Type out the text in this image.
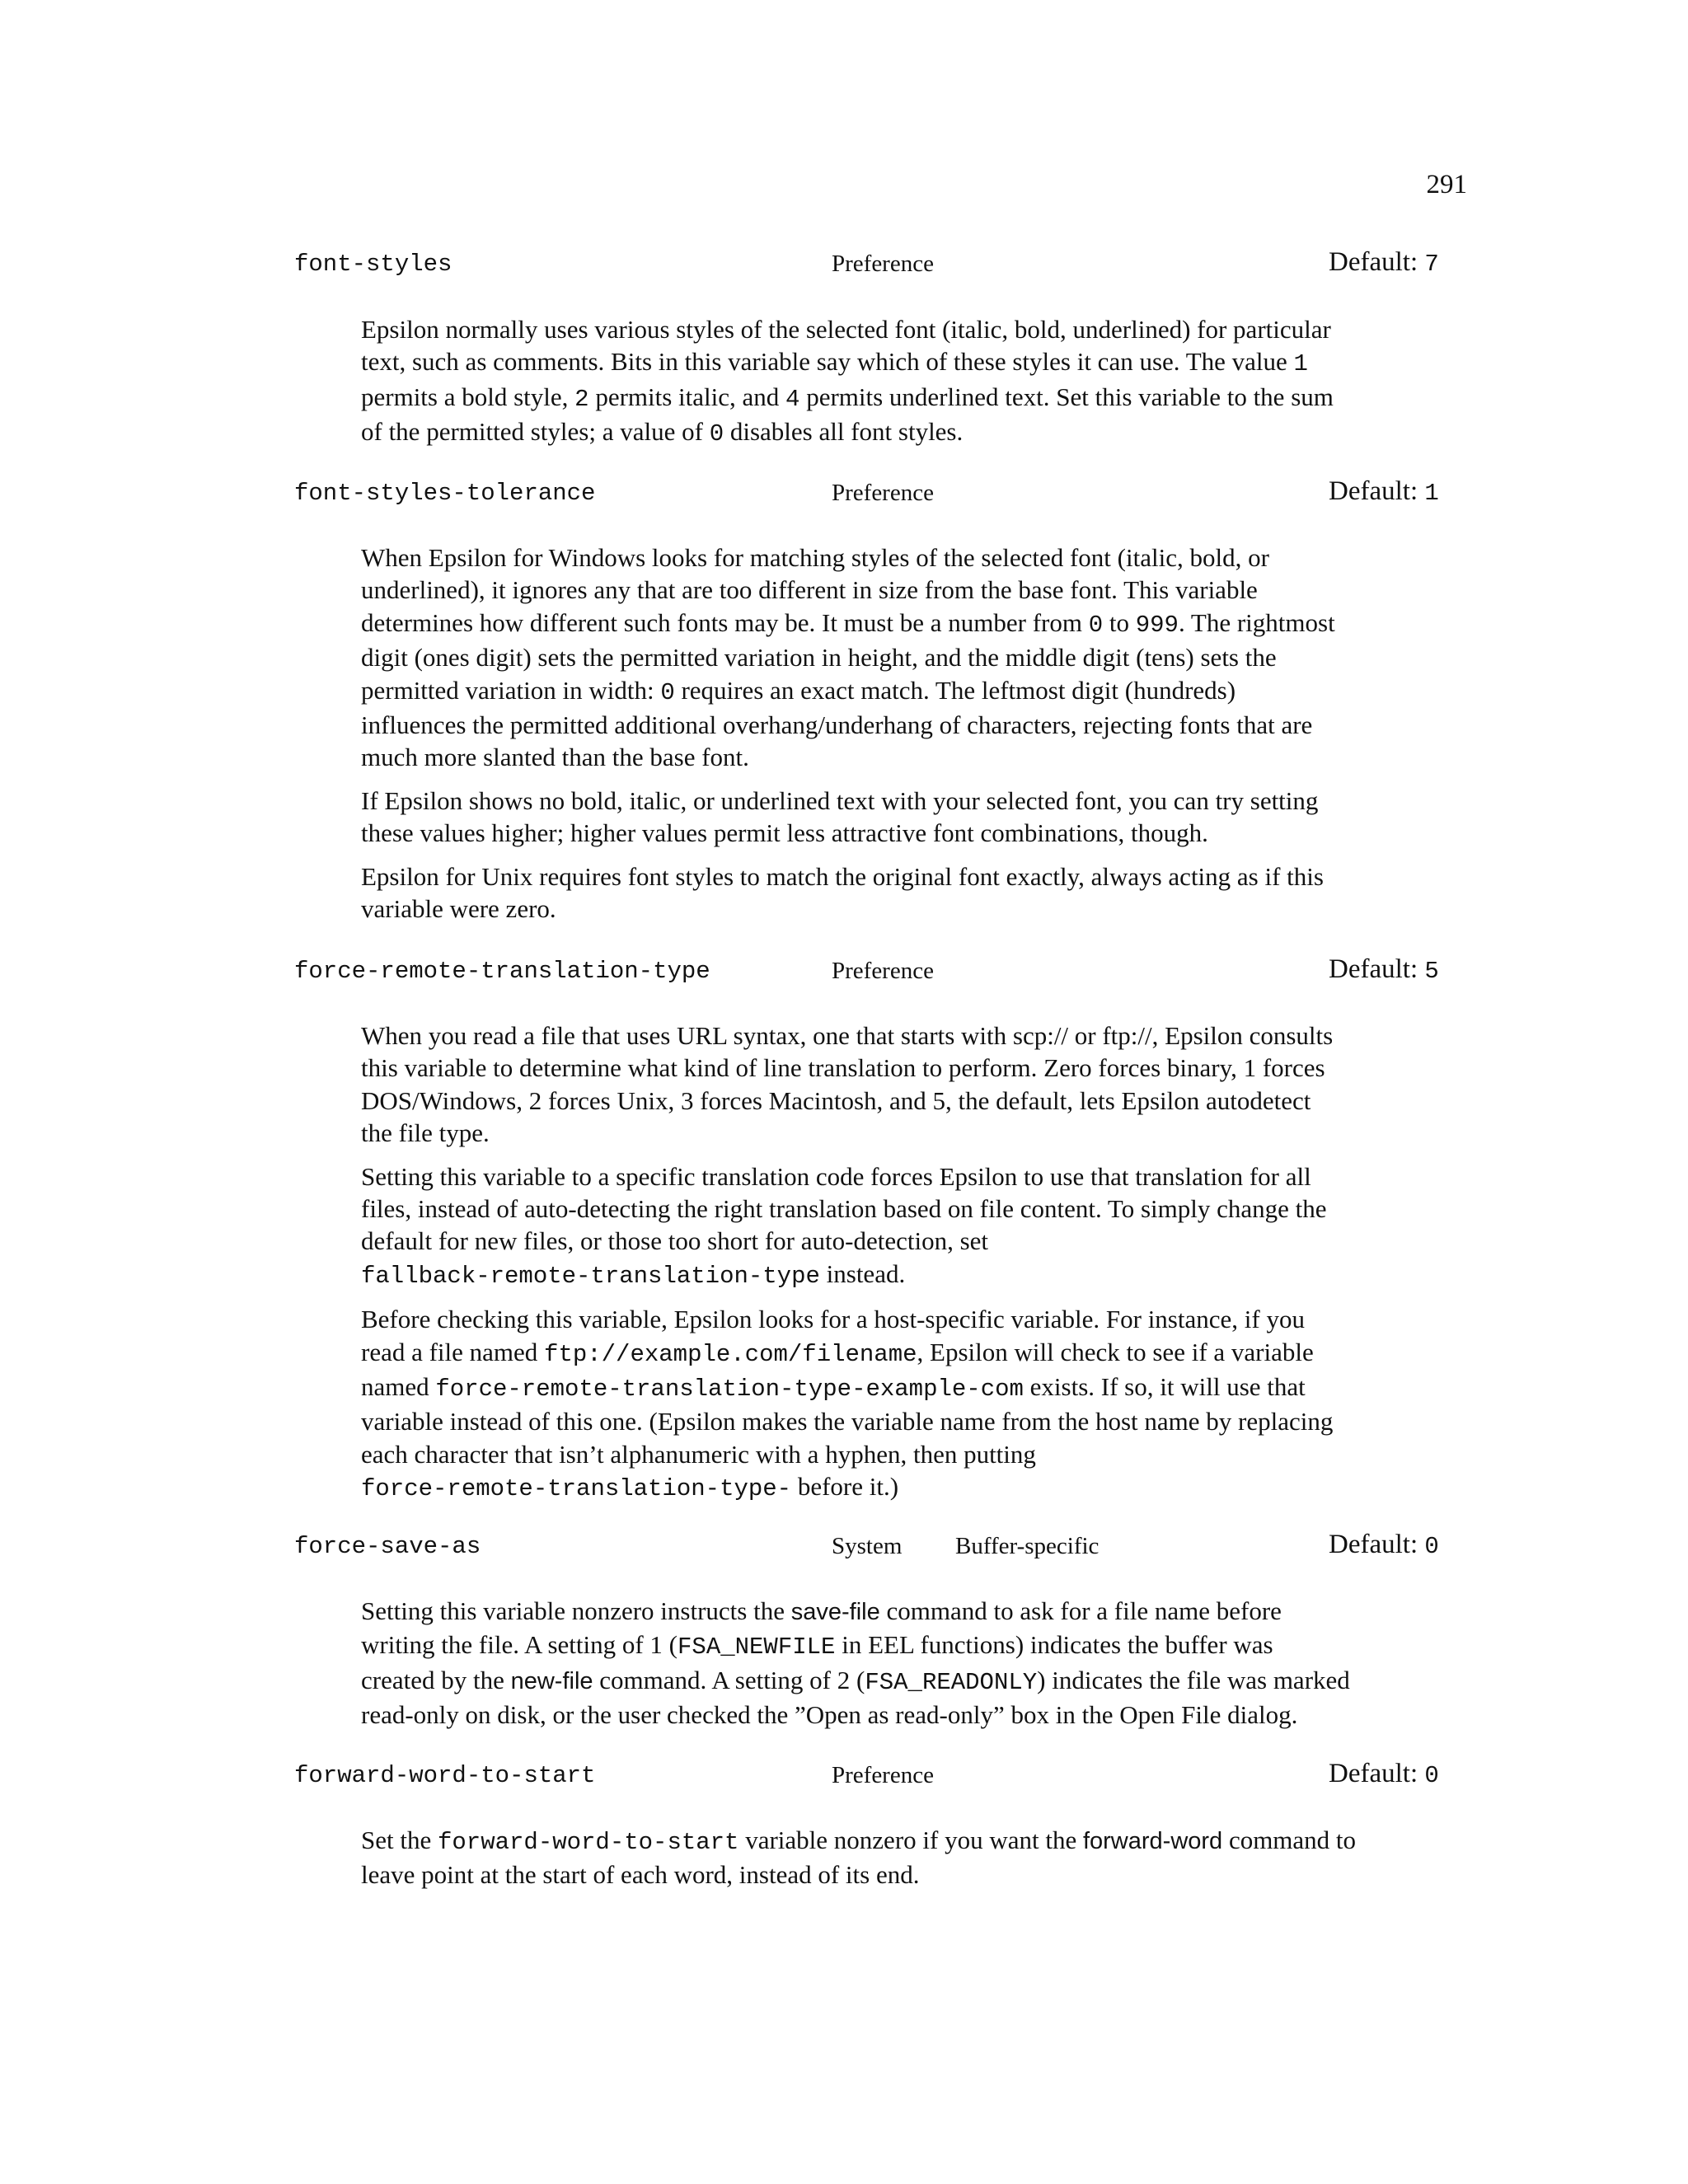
291
font-styles	Preference	Default: 7

Epsilon normally uses various styles of the selected font (italic, bold, underlined) for particular
text, such as comments. Bits in this variable say which of these styles it can use. The value 1
permits a bold style, 2 permits italic, and 4 permits underlined text. Set this variable to the sum
of the permitted styles; a value of 0 disables all font styles.

font-styles-tolerance	Preference	Default: 1

When Epsilon for Windows looks for matching styles of the selected font (italic, bold, or
underlined), it ignores any that are too different in size from the base font. This variable
determines how different such fonts may be. It must be a number from 0 to 999. The rightmost
digit (ones digit) sets the permitted variation in height, and the middle digit (tens) sets the
permitted variation in width: 0 requires an exact match. The leftmost digit (hundreds)
influences the permitted additional overhang/underhang of characters, rejecting fonts that are
much more slanted than the base font.

If Epsilon shows no bold, italic, or underlined text with your selected font, you can try setting
these values higher; higher values permit less attractive font combinations, though.

Epsilon for Unix requires font styles to match the original font exactly, always acting as if this
variable were zero.

force-remote-translation-type	Preference	Default: 5

When you read a file that uses URL syntax, one that starts with scp:// or ftp://, Epsilon consults
this variable to determine what kind of line translation to perform. Zero forces binary, 1 forces
DOS/Windows, 2 forces Unix, 3 forces Macintosh, and 5, the default, lets Epsilon autodetect
the file type.

Setting this variable to a specific translation code forces Epsilon to use that translation for all
files, instead of auto-detecting the right translation based on file content. To simply change the
default for new files, or those too short for auto-detection, set
fallback-remote-translation-type instead.

Before checking this variable, Epsilon looks for a host-specific variable. For instance, if you
read a file named ftp://example.com/filename, Epsilon will check to see if a variable
named force-remote-translation-type-example-com exists. If so, it will use that
variable instead of this one. (Epsilon makes the variable name from the host name by replacing
each character that isn’t alphanumeric with a hyphen, then putting
force-remote-translation-type- before it.)

force-save-as	System Buffer-specific	Default: 0

Setting this variable nonzero instructs the save-file command to ask for a file name before
writing the file. A setting of 1 (FSA_NEWFILE in EEL functions) indicates the buffer was
created by the new-file command. A setting of 2 (FSA_READONLY) indicates the file was marked
read-only on disk, or the user checked the ”Open as read-only” box in the Open File dialog.

forward-word-to-start	Preference	Default: 0

Set the forward-word-to-start variable nonzero if you want the forward-word command to
leave point at the start of each word, instead of its end.
